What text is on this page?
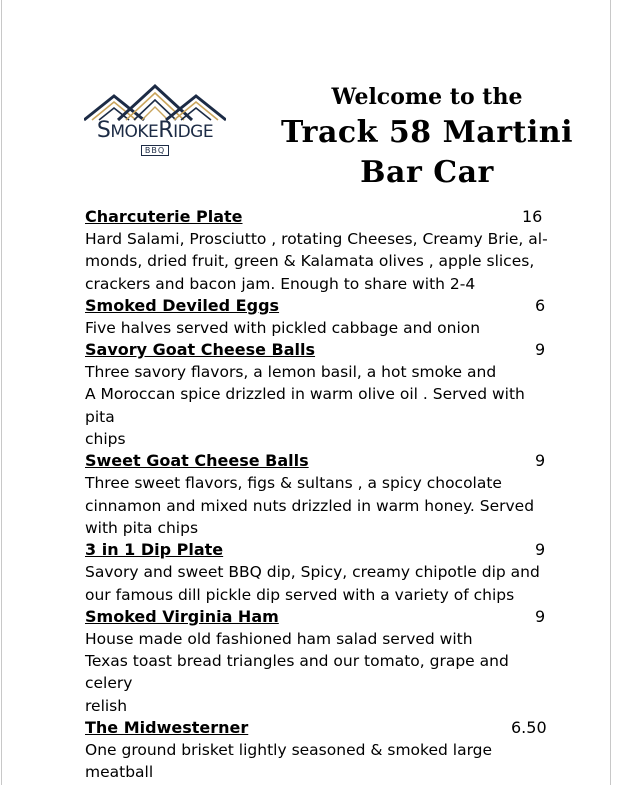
SMOKERIDGE
BBQ
Welcome to the
Track 58 Martini
Bar Car
Charcuterie Plate	16
Hard Salami, Prosciutto , rotating Cheeses, Creamy Brie, al-
monds, dried fruit, green & Kalamata olives , apple slices,
crackers and bacon jam. Enough to share with 2-4
Smoked Deviled Eggs	6
Five halves served with pickled cabbage and onion
Savory Goat Cheese Balls	9
Three savory flavors, a lemon basil, a hot smoke and
A Moroccan spice drizzled in warm olive oil . Served with pita
chips
Sweet Goat Cheese Balls	9
Three sweet flavors, figs & sultans , a spicy chocolate
cinnamon and mixed nuts drizzled in warm honey. Served
with pita chips
3 in 1 Dip Plate	9
Savory and sweet BBQ dip, Spicy, creamy chipotle dip and
our famous dill pickle dip served with a variety of chips
Smoked Virginia Ham	9
House made old fashioned ham salad served with
Texas toast bread triangles and our tomato, grape and celery
relish
The Midwesterner	6.50
One ground brisket lightly seasoned & smoked large
meatball
